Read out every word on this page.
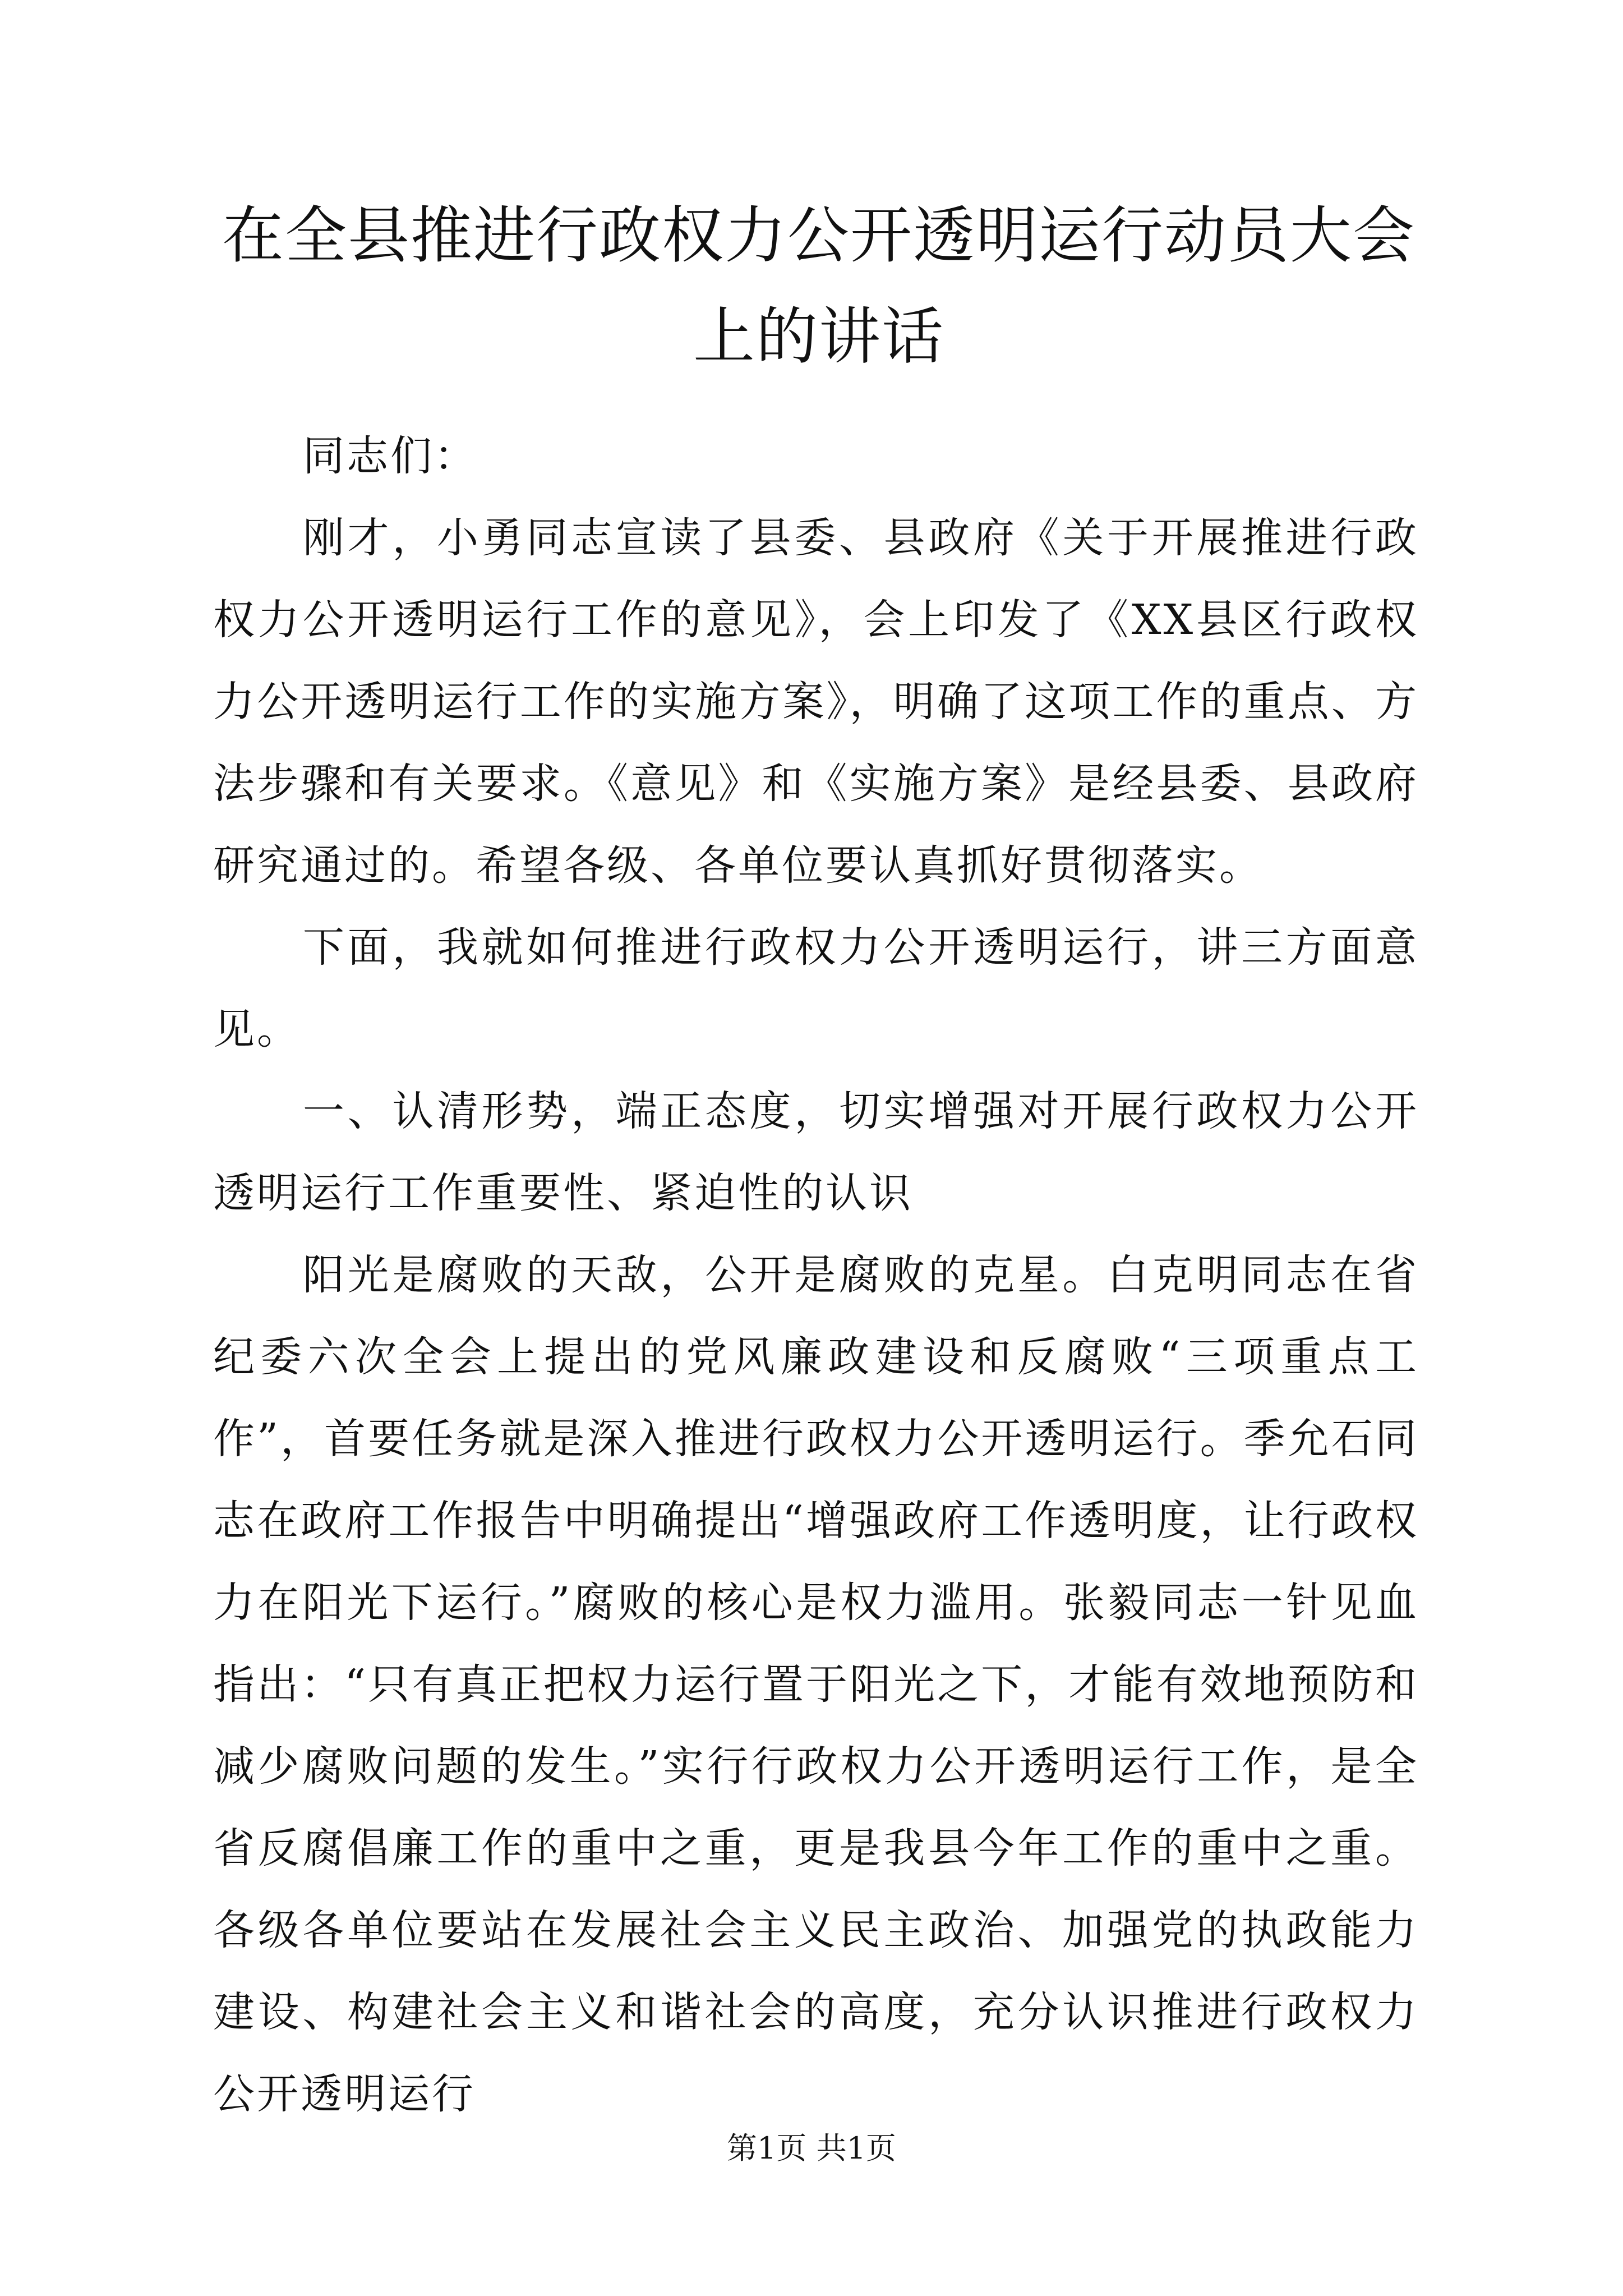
在全县推进行政权力公开透明运行动员大会上的讲话

同志们：

刚才，小勇同志宣读了县委、县政府《关于开展推进行政权力公开透明运行工作的意见》，会上印发了《XX县区行政权力公开透明运行工作的实施方案》，明确了这项工作的重点、方法步骤和有关要求。《意见》和《实施方案》是经县委、县政府研究通过的。希望各级、各单位要认真抓好贯彻落实。

下面，我就如何推进行政权力公开透明运行，讲三方面意见。

一、认清形势，端正态度，切实增强对开展行政权力公开透明运行工作重要性、紧迫性的认识

阳光是腐败的天敌，公开是腐败的克星。白克明同志在省纪委六次全会上提出的党风廉政建设和反腐败“三项重点工作”，首要任务就是深入推进行政权力公开透明运行。季允石同志在政府工作报告中明确提出“增强政府工作透明度，让行政权力在阳光下运行。”腐败的核心是权力滥用。张毅同志一针见血指出：“只有真正把权力运行置于阳光之下，才能有效地预防和减少腐败问题的发生。”实行行政权力公开透明运行工作，是全省反腐倡廉工作的重中之重，更是我县今年工作的重中之重。各级各单位要站在发展社会主义民主政治、加强党的执政能力建设、构建社会主义和谐社会的高度，充分认识推进行政权力公开透明运行

第1页 共1页
